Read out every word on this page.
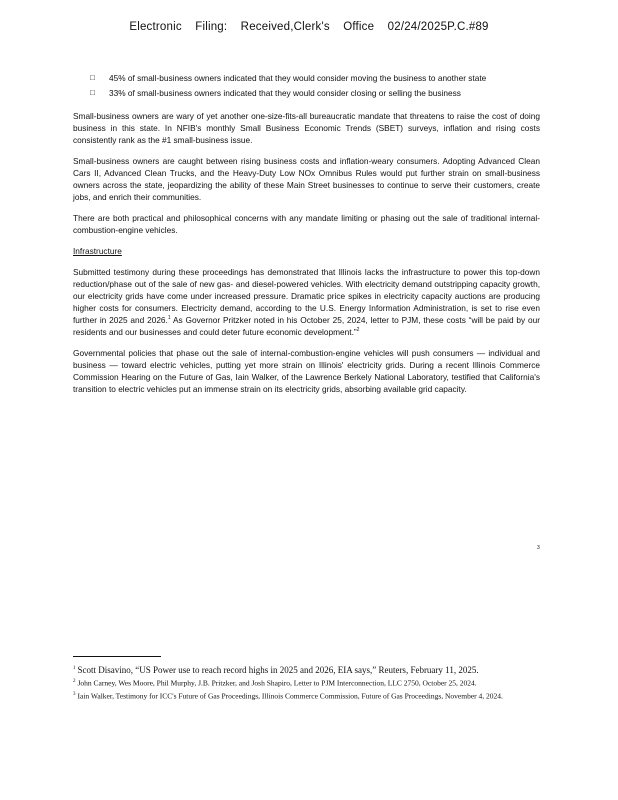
Electronic Filing: Received,Clerk's Office 02/24/2025P.C.#89
□	45% of small-business owners indicated that they would consider moving the business to another state
□	33% of small-business owners indicated that they would consider closing or selling the business

Small-business owners are wary of yet another one-size-fits-all bureaucratic mandate that threatens to raise the cost of doing business in this state. In NFIB's monthly Small Business Economic Trends (SBET) surveys, inflation and rising costs consistently rank as the #1 small-business issue.

Small-business owners are caught between rising business costs and inflation-weary consumers. Adopting Advanced Clean Cars II, Advanced Clean Trucks, and the Heavy-Duty Low NOx Omnibus Rules would put further strain on small-business owners across the state, jeopardizing the ability of these Main Street businesses to continue to serve their customers, create jobs, and enrich their communities.

There are both practical and philosophical concerns with any mandate limiting or phasing out the sale of traditional internal-combustion-engine vehicles.

Infrastructure

Submitted testimony during these proceedings has demonstrated that Illinois lacks the infrastructure to power this top-down reduction/phase out of the sale of new gas- and diesel-powered vehicles. With electricity demand outstripping capacity growth, our electricity grids have come under increased pressure. Dramatic price spikes in electricity capacity auctions are producing higher costs for consumers. Electricity demand, according to the U.S. Energy Information Administration, is set to rise even further in 2025 and 2026.$^1$ As Governor Pritzker noted in his October 25, 2024, letter to PJM, these costs “will be paid by our residents and our businesses and could deter future economic development.”$^2$

Governmental policies that phase out the sale of internal-combustion-engine vehicles will push consumers — individual and business — toward electric vehicles, putting yet more strain on Illinois' electricity grids. During a recent Illinois Commerce Commission Hearing on the Future of Gas, Iain Walker, of the Lawrence Berkely National Laboratory, testified that California's transition to electric vehicles put an immense strain on its electricity grids, absorbing available grid capacity.

3
$^1$ Scott Disavino, “US Power use to reach record highs in 2025 and 2026, EIA says,” Reuters, February 11, 2025.
$^2$ John Carney, Wes Moore, Phil Murphy, J.B. Pritzker, and Josh Shapiro, Letter to PJM Interconnection, LLC 2750, October 25, 2024.
$^3$ Iain Walker, Testimony for ICC's Future of Gas Proceedings, Illinois Commerce Commission, Future of Gas Proceedings, November 4, 2024.
